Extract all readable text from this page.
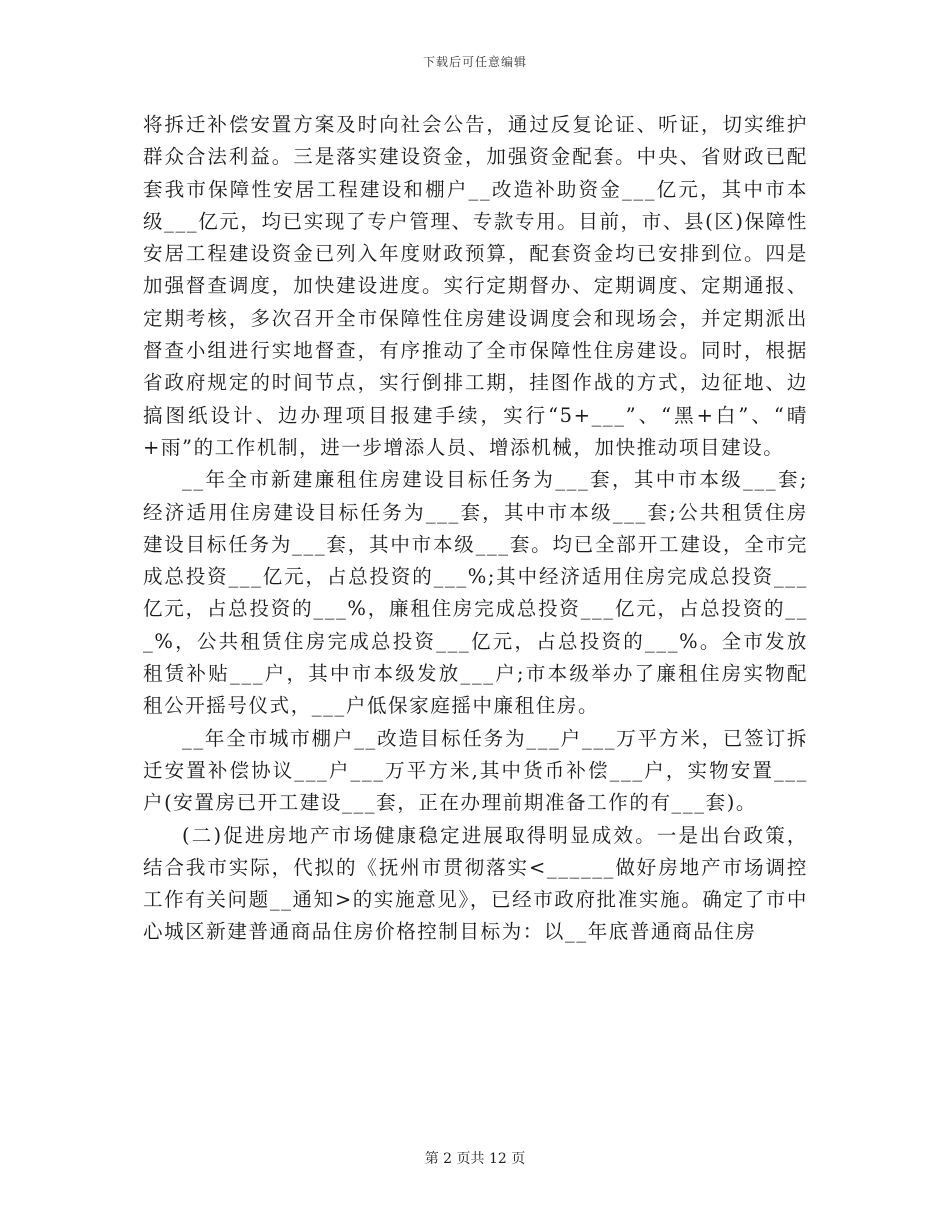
下载后可任意编辑

将拆迁补偿安置方案及时向社会公告，通过反复论证、听证，切实维护群众合法利益。三是落实建设资金，加强资金配套。中央、省财政已配套我市保障性安居工程建设和棚户__改造补助资金___亿元，其中市本级___亿元，均已实现了专户管理、专款专用。目前，市、县(区)保障性安居工程建设资金已列入年度财政预算，配套资金均已安排到位。四是加强督查调度，加快建设进度。实行定期督办、定期调度、定期通报、定期考核，多次召开全市保障性住房建设调度会和现场会，并定期派出督查小组进行实地督查，有序推动了全市保障性住房建设。同时，根据省政府规定的时间节点，实行倒排工期，挂图作战的方式，边征地、边搞图纸设计、边办理项目报建手续，实行“5+___”、“黑+白”、“晴+雨”的工作机制，进一步增添人员、增添机械，加快推动项目建设。

__年全市新建廉租住房建设目标任务为___套，其中市本级___套;经济适用住房建设目标任务为___套，其中市本级___套;公共租赁住房建设目标任务为___套，其中市本级___套。均已全部开工建设，全市完成总投资___亿元，占总投资的___%;其中经济适用住房完成总投资___亿元，占总投资的___%，廉租住房完成总投资___亿元，占总投资的___%，公共租赁住房完成总投资___亿元，占总投资的___%。全市发放租赁补贴___户，其中市本级发放___户;市本级举办了廉租住房实物配租公开摇号仪式，___户低保家庭摇中廉租住房。

__年全市城市棚户__改造目标任务为___户___万平方米，已签订拆迁安置补偿协议___户___万平方米,其中货币补偿___户，实物安置___户(安置房已开工建设___套，正在办理前期准备工作的有___套)。

(二)促进房地产市场健康稳定进展取得明显成效。一是出台政策，结合我市实际，代拟的《抚州市贯彻落实<______做好房地产市场调控工作有关问题__通知>的实施意见》，已经市政府批准实施。确定了市中心城区新建普通商品住房价格控制目标为：以__年底普通商品住房

第 2 页共 12 页
